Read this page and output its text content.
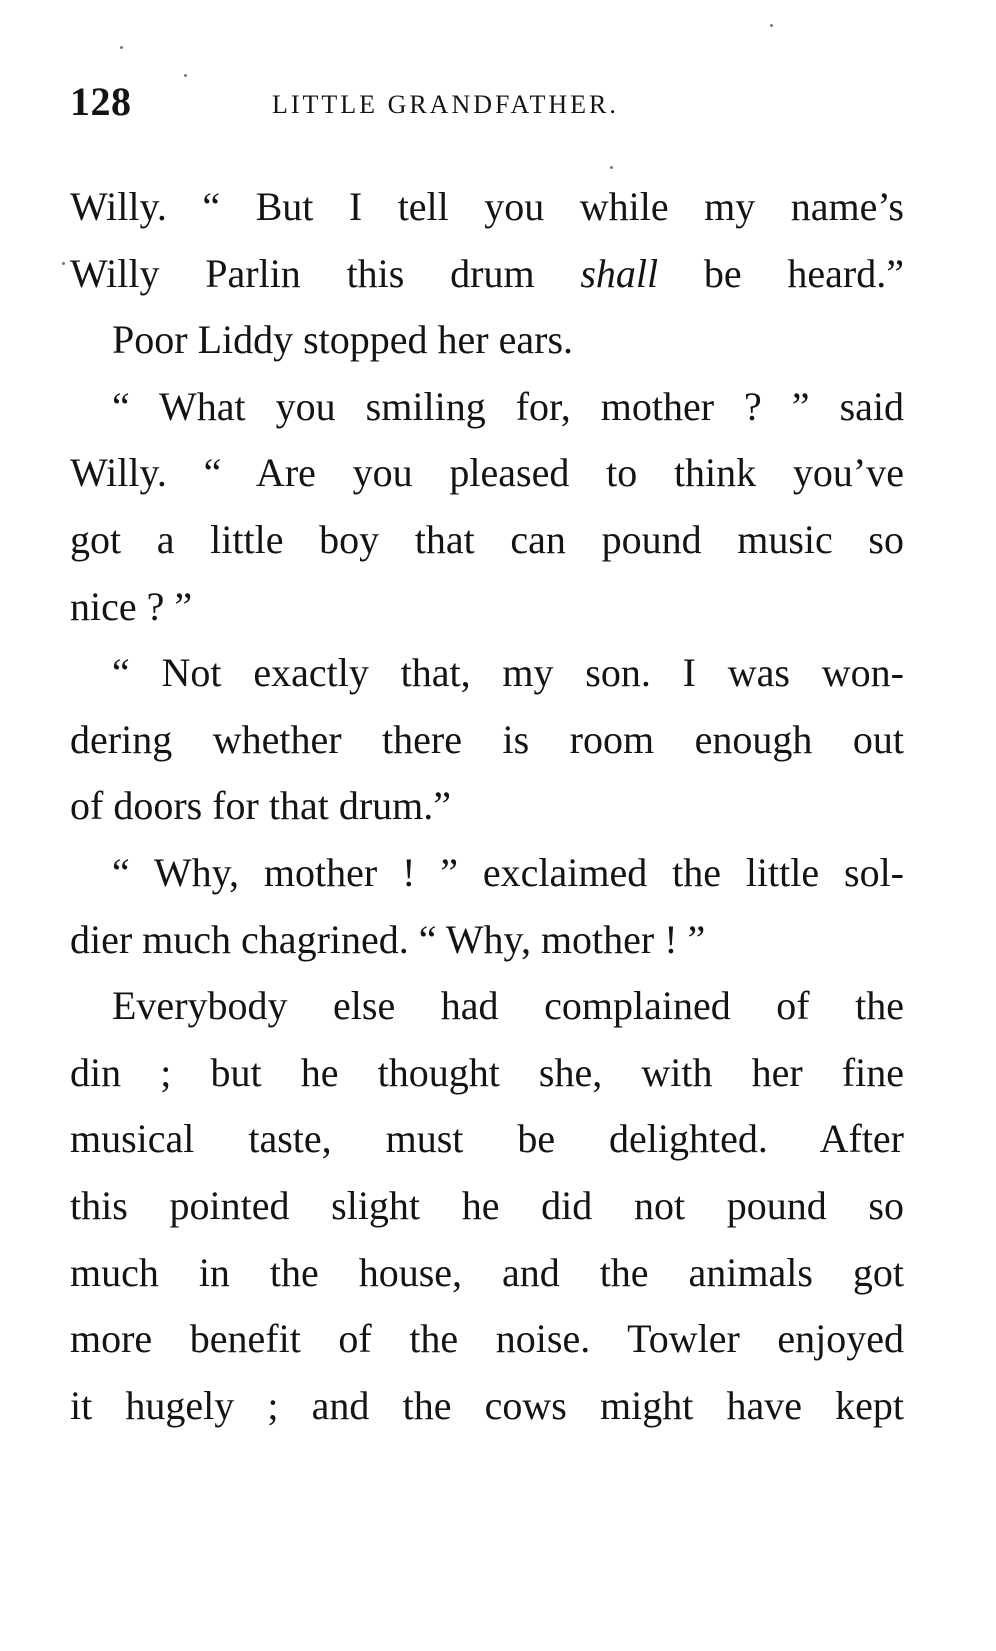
128	LITTLE GRANDFATHER.
Willy. “ But I tell you while my name’s
Willy Parlin this drum shall be heard.”
Poor Liddy stopped her ears.
“ What you smiling for, mother ? ” said
Willy. “ Are you pleased to think you’ve
got a little boy that can pound music so
nice ? ”
“ Not exactly that, my son. I was won-
dering whether there is room enough out
of doors for that drum.”
“ Why, mother ! ” exclaimed the little sol-
dier much chagrined. “ Why, mother ! ”
Everybody else had complained of the
din ; but he thought she, with her fine
musical taste, must be delighted. After
this pointed slight he did not pound so
much in the house, and the animals got
more benefit of the noise. Towler enjoyed
it hugely ; and the cows might have kept
